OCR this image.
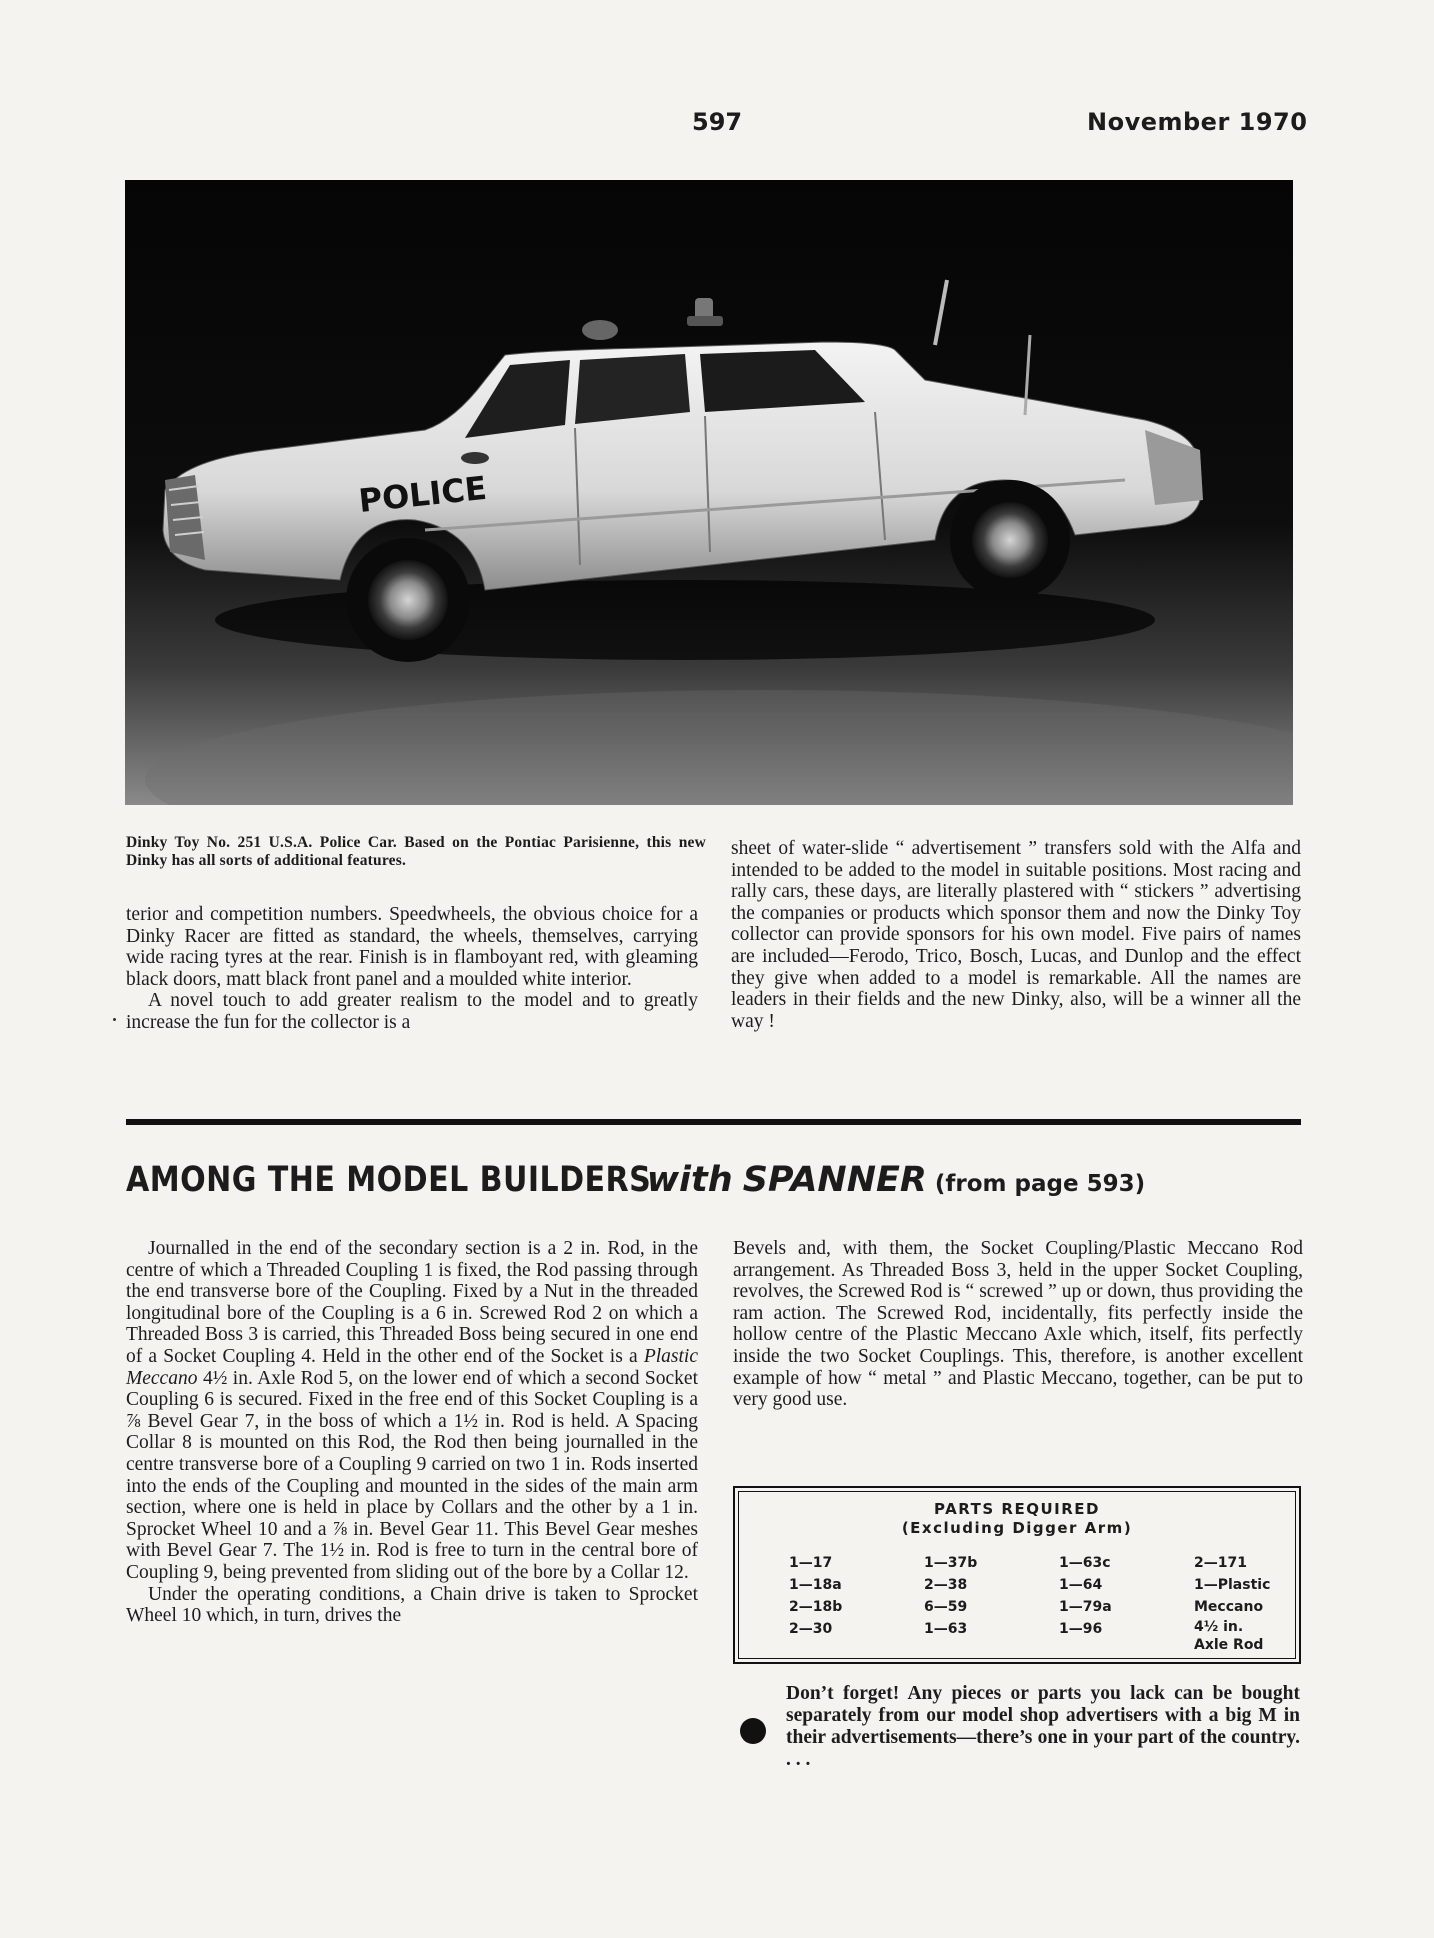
597	November 1970
POLICE
Dinky Toy No. 251 U.S.A. Police Car. Based on the Pontiac Parisienne, this new Dinky has all sorts of additional features.

terior and competition numbers. Speedwheels, the obvious choice for a Dinky Racer are fitted as standard, the wheels, themselves, carrying wide racing tyres at the rear. Finish is in flamboyant red, with gleaming black doors, matt black front panel and a moulded white interior.

A novel touch to add greater realism to the model and to greatly increase the fun for the collector is a

sheet of water-slide “ advertisement ” transfers sold with the Alfa and intended to be added to the model in suitable positions. Most racing and rally cars, these days, are literally plastered with “ stickers ” advertising the companies or products which sponsor them and now the Dinky Toy collector can provide sponsors for his own model. Five pairs of names are included—Ferodo, Trico, Bosch, Lucas, and Dunlop and the effect they give when added to a model is remarkable. All the names are leaders in their fields and the new Dinky, also, will be a winner all the way !

AMONG THE MODEL BUILDERSwith SPANNER (from page 593)

Journalled in the end of the secondary section is a 2 in. Rod, in the centre of which a Threaded Coupling 1 is fixed, the Rod passing through the end transverse bore of the Coupling. Fixed by a Nut in the threaded longitudinal bore of the Coupling is a 6 in. Screwed Rod 2 on which a Threaded Boss 3 is carried, this Threaded Boss being secured in one end of a Socket Coupling 4. Held in the other end of the Socket is a Plastic Meccano 4½ in. Axle Rod 5, on the lower end of which a second Socket Coupling 6 is secured. Fixed in the free end of this Socket Coupling is a ⅞ Bevel Gear 7, in the boss of which a 1½ in. Rod is held. A Spacing Collar 8 is mounted on this Rod, the Rod then being journalled in the centre transverse bore of a Coupling 9 carried on two 1 in. Rods inserted into the ends of the Coupling and mounted in the sides of the main arm section, where one is held in place by Collars and the other by a 1 in. Sprocket Wheel 10 and a ⅞ in. Bevel Gear 11. This Bevel Gear meshes with Bevel Gear 7. The 1½ in. Rod is free to turn in the central bore of Coupling 9, being prevented from sliding out of the bore by a Collar 12.

Under the operating conditions, a Chain drive is taken to Sprocket Wheel 10 which, in turn, drives the

Bevels and, with them, the Socket Coupling/Plastic Meccano Rod arrangement. As Threaded Boss 3, held in the upper Socket Coupling, revolves, the Screwed Rod is “ screwed ” up or down, thus providing the ram action. The Screwed Rod, incidentally, fits perfectly inside the hollow centre of the Plastic Meccano Axle which, itself, fits perfectly inside the two Socket Couplings. This, therefore, is another excellent example of how “ metal ” and Plastic Meccano, together, can be put to very good use.

PARTS REQUIRED
(Excluding Digger Arm)
1—17
1—18a
2—18b
2—30
1—37b
2—38
6—59
1—63
1—63c
1—64
1—79a
1—96
2—171
1—Plastic
Meccano
4½ in.
Axle Rod
Don’t forget! Any pieces or parts you lack can be bought separately from our model shop advertisers with a big M in their advertisements—there’s one in your part of the country. . . .
